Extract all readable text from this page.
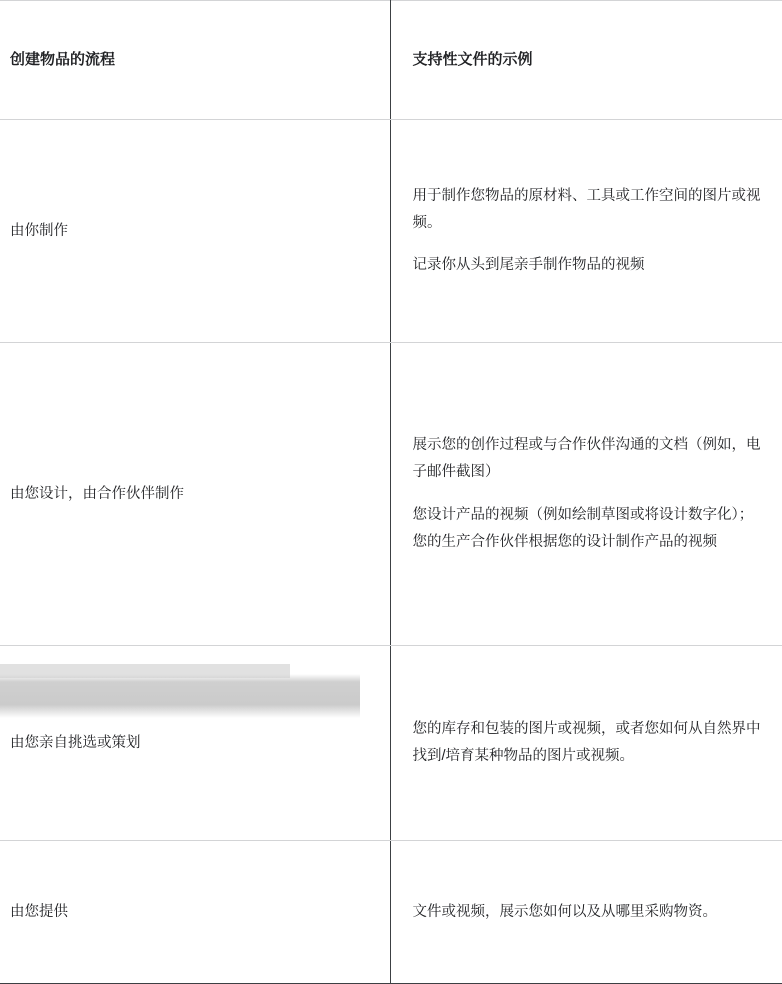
创建物品的流程	支持性文件的示例

由你制作	用于制作您物品的原材料、工具或工作空间的图片或视频。

记录你从头到尾亲手制作物品的视频

由您设计，由合作伙伴制作	展示您的创作过程或与合作伙伴沟通的文档（例如，电子邮件截图）

您设计产品的视频（例如绘制草图或将设计数字化）；您的生产合作伙伴根据您的设计制作产品的视频

由您亲自挑选或策划	您的库存和包装的图片或视频，或者您如何从自然界中找到/培育某种物品的图片或视频。

由您提供	文件或视频，展示您如何以及从哪里采购物资。
